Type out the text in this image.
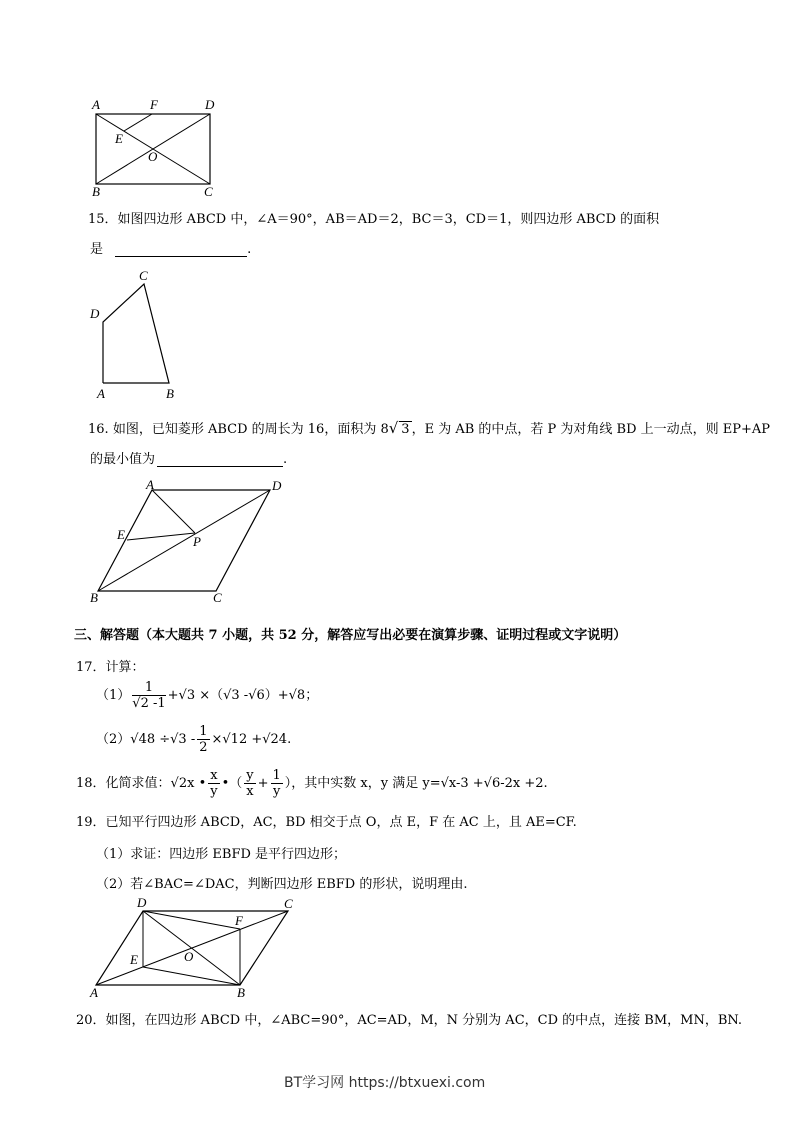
A	F	D
E
O
B	C
15．如图四边形 ABCD 中，∠A＝90°，AB＝AD＝2，BC＝3，CD＝1，则四边形 ABCD 的面积
是	.
C
D
A	B
16. 如图，已知菱形 ABCD 的周长为 16，面积为 8√ 3 ，E 为 AB 的中点，若 P 为对角线 BD 上一动点，则 EP+AP
的最小值为	.
A	D
E	P
B	C
三、解答题（本大题共 7 小题，共 52 分，解答应写出必要在演算步骤、证明过程或文字说明）
17．计算：
$(1) \frac{1}{√2 -1} +√3 \times(√3$ -√6）+√8；
$(2)√48 \div√3 - \frac{1}{2} \times√12 +√24$.
18．化简求值：√2x • $\frac{x}{y}$ •（ $\frac{y}{x} + \frac{1}{y}$ ），其中实数 x，y 满足 y=√x-3 +√6-2x +2.
19．已知平行四边形 ABCD，AC，BD 相交于点 O，点 E，F 在 AC 上，且 AE=CF.
（1）求证：四边形 EBFD 是平行四边形；
（2）若∠BAC=∠DAC，判断四边形 EBFD 的形状，说明理由.
D	C
F
O
E
A	B
20．如图，在四边形 ABCD 中，∠ABC=90°，AC=AD，M，N 分别为 AC，CD 的中点，连接 BM，MN，BN.
BT学习网 https://btxuexi.com
